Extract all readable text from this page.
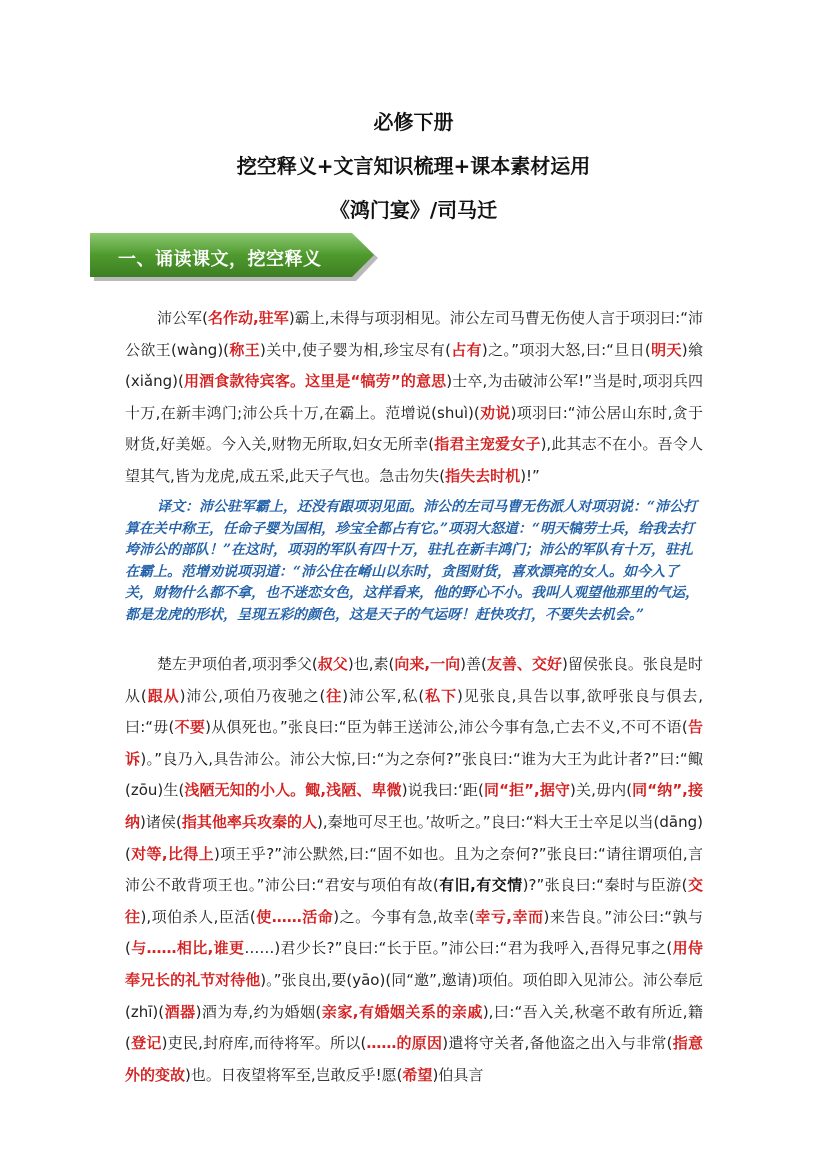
必修下册
挖空释义+文言知识梳理+课本素材运用
《鸿门宴》/司马迁
一、诵读课文，挖空释义
沛公军(名作动,驻军)霸上,未得与项羽相见。沛公左司马曹无伤使人言于项羽曰:“沛公欲王(wàng)(称王)关中,使子婴为相,珍宝尽有(占有)之。”项羽大怒,曰:“旦日(明天)飨(xiǎng)(用酒食款待宾客。这里是“犒劳”的意思)士卒,为击破沛公军!”当是时,项羽兵四十万,在新丰鸿门;沛公兵十万,在霸上。范增说(shuì)(劝说)项羽曰:“沛公居山东时,贪于财货,好美姬。今入关,财物无所取,妇女无所幸(指君主宠爱女子),此其志不在小。吾令人望其气,皆为龙虎,成五采,此天子气也。急击勿失(指失去时机)!”
译文：沛公驻军霸上，还没有跟项羽见面。沛公的左司马曹无伤派人对项羽说：“沛公打算在关中称王，任命子婴为国相，珍宝全都占有它。”项羽大怒道：“明天犒劳士兵，给我去打垮沛公的部队！”在这时，项羽的军队有四十万，驻扎在新丰鸿门；沛公的军队有十万，驻扎在霸上。范增劝说项羽道：“沛公住在崤山以东时，贪图财货，喜欢漂亮的女人。如今入了关，财物什么都不拿，也不迷恋女色，这样看来，他的野心不小。我叫人观望他那里的气运，都是龙虎的形状，呈现五彩的颜色，这是天子的气运呀！赶快攻打，不要失去机会。”
楚左尹项伯者,项羽季父(叔父)也,素(向来,一向)善(友善、交好)留侯张良。张良是时从(跟从)沛公,项伯乃夜驰之(往)沛公军,私(私下)见张良,具告以事,欲呼张良与俱去,曰:“毋(不要)从俱死也。”张良曰:“臣为韩王送沛公,沛公今事有急,亡去不义,不可不语(告诉)。”良乃入,具告沛公。沛公大惊,曰:“为之奈何?”张良曰:“谁为大王为此计者?”曰:“鲰(zōu)生(浅陋无知的小人。鲰,浅陋、卑微)说我曰:‘距(同“拒”,据守)关,毋内(同“纳”,接纳)诸侯(指其他率兵攻秦的人),秦地可尽王也。’故听之。”良曰:“料大王士卒足以当(dāng)(对等,比得上)项王乎?”沛公默然,曰:“固不如也。且为之奈何?”张良曰:“请往谓项伯,言沛公不敢背项王也。”沛公曰:“君安与项伯有故(有旧,有交情)?”张良曰:“秦时与臣游(交往),项伯杀人,臣活(使……活命)之。今事有急,故幸(幸亏,幸而)来告良。”沛公曰:“孰与(与……相比,谁更……)君少长?”良曰:“长于臣。”沛公曰:“君为我呼入,吾得兄事之(用侍奉兄长的礼节对待他)。”张良出,要(yāo)(同“邀”,邀请)项伯。项伯即入见沛公。沛公奉卮(zhī)(酒器)酒为寿,约为婚姻(亲家,有婚姻关系的亲戚),曰:“吾入关,秋毫不敢有所近,籍(登记)吏民,封府库,而待将军。所以(……的原因)遣将守关者,备他盗之出入与非常(指意外的变故)也。日夜望将军至,岂敢反乎!愿(希望)伯具言
